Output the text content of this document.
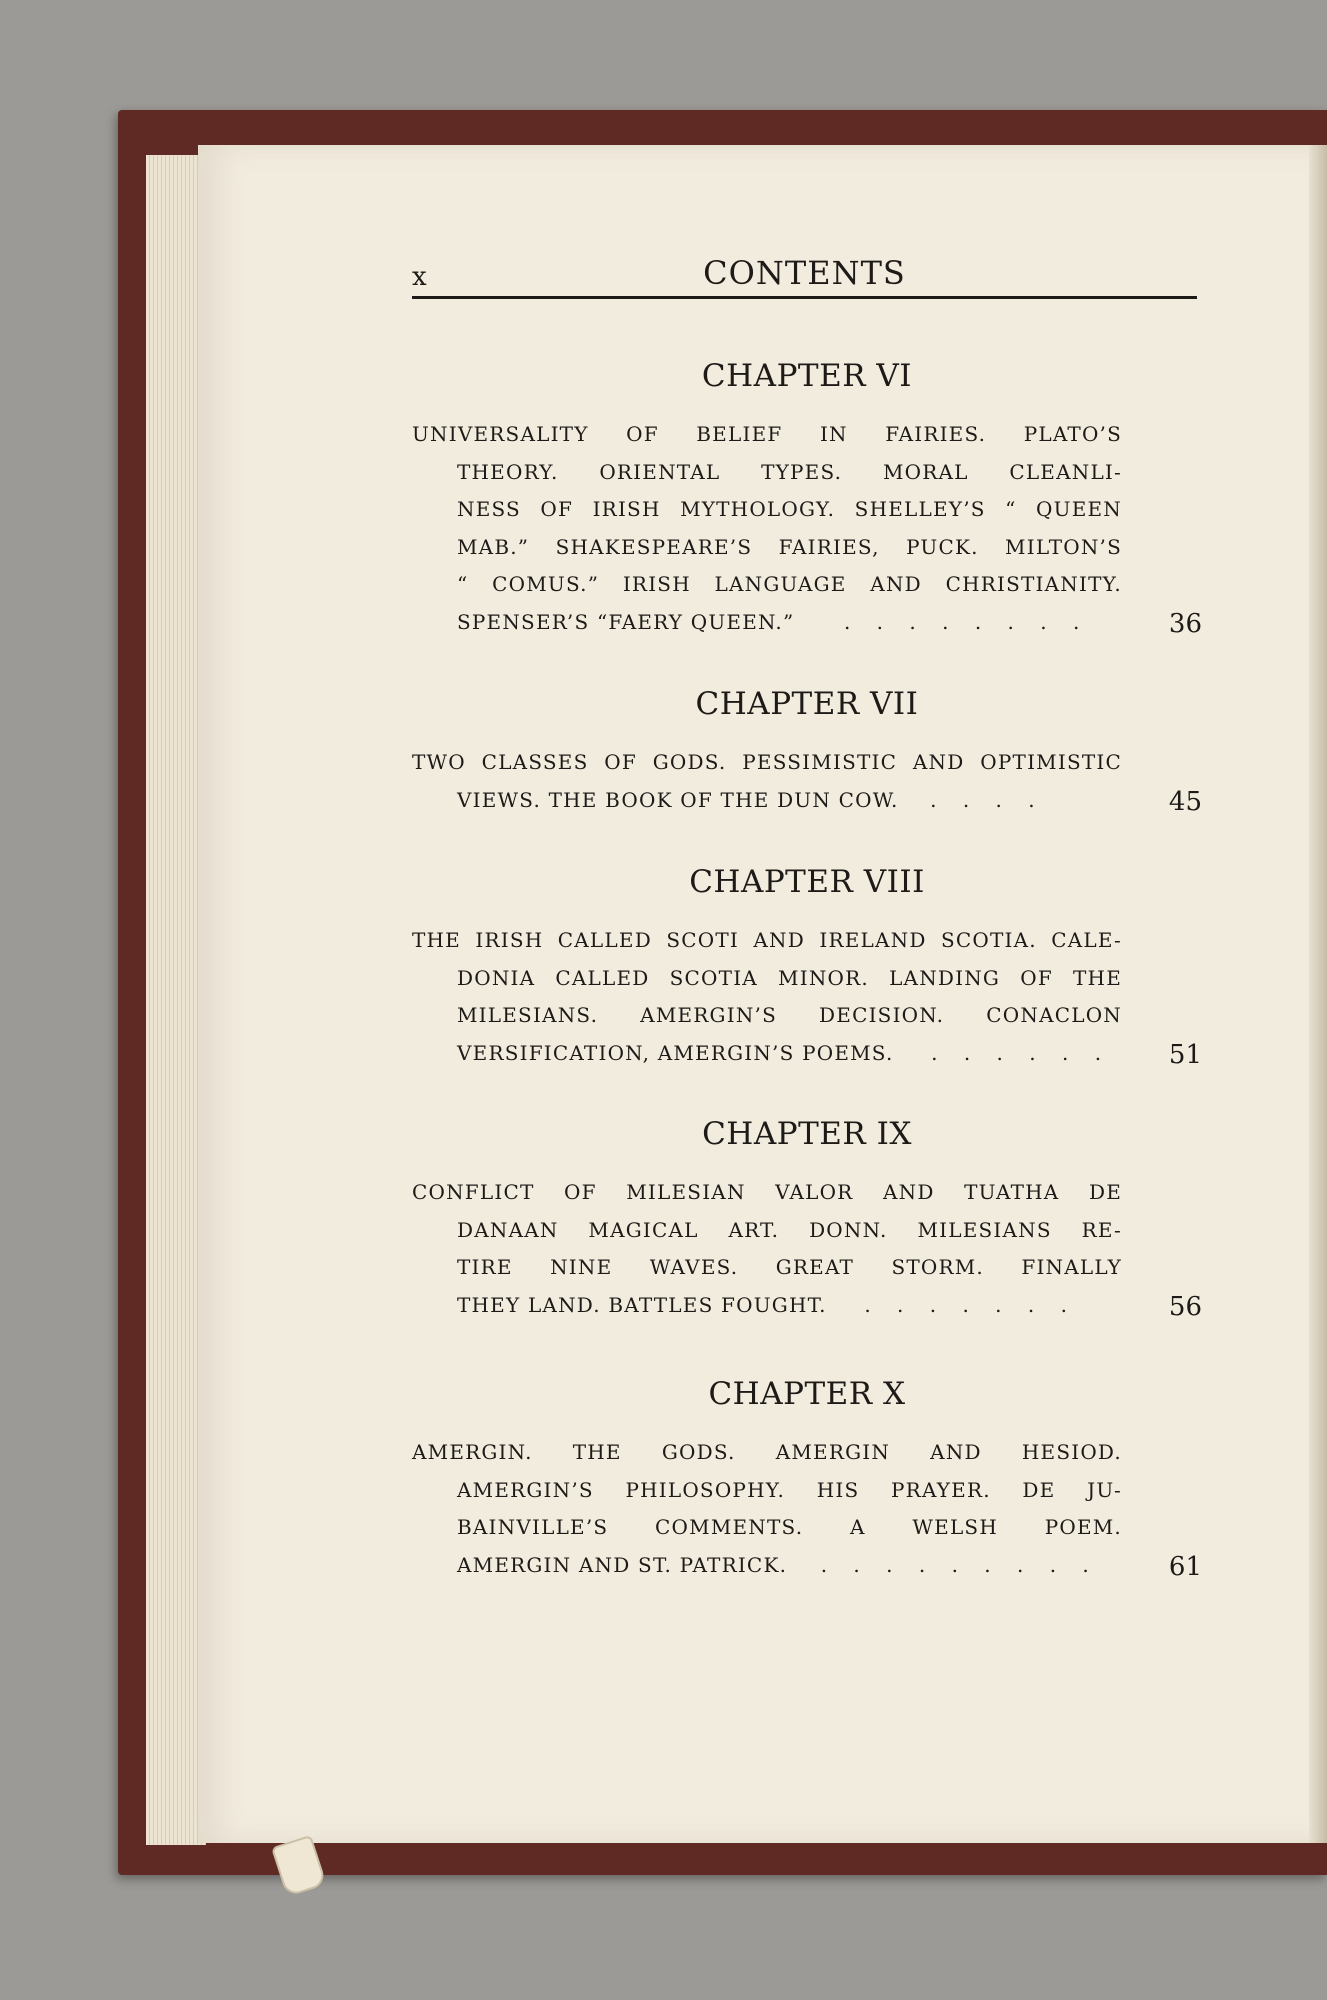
x	CONTENTS
CHAPTER VI
UNIVERSALITY OF BELIEF IN FAIRIES. PLATO’S
THEORY. ORIENTAL TYPES. MORAL CLEANLI-
NESS OF IRISH MYTHOLOGY. SHELLEY’S “ QUEEN
MAB.” SHAKESPEARE’S FAIRIES, PUCK. MILTON’S
“ COMUS.” IRISH LANGUAGE AND CHRISTIANITY.
SPENSER’S “FAERY QUEEN.” . . . . . . . .	36
CHAPTER VII
TWO CLASSES OF GODS. PESSIMISTIC AND OPTIMISTIC
VIEWS. THE BOOK OF THE DUN COW. . . . .	45
CHAPTER VIII
THE IRISH CALLED SCOTI AND IRELAND SCOTIA. CALE-
DONIA CALLED SCOTIA MINOR. LANDING OF THE
MILESIANS. AMERGIN’S DECISION. CONACLON
VERSIFICATION, AMERGIN’S POEMS. . . . . . .	51
CHAPTER IX
CONFLICT OF MILESIAN VALOR AND TUATHA DE
DANAAN MAGICAL ART. DONN. MILESIANS RE-
TIRE NINE WAVES. GREAT STORM. FINALLY
THEY LAND. BATTLES FOUGHT. . . . . . . .	56
CHAPTER X
AMERGIN. THE GODS. AMERGIN AND HESIOD.
AMERGIN’S PHILOSOPHY. HIS PRAYER. DE JU-
BAINVILLE’S COMMENTS. A WELSH POEM.
AMERGIN AND ST. PATRICK. . . . . . . . . .	61
